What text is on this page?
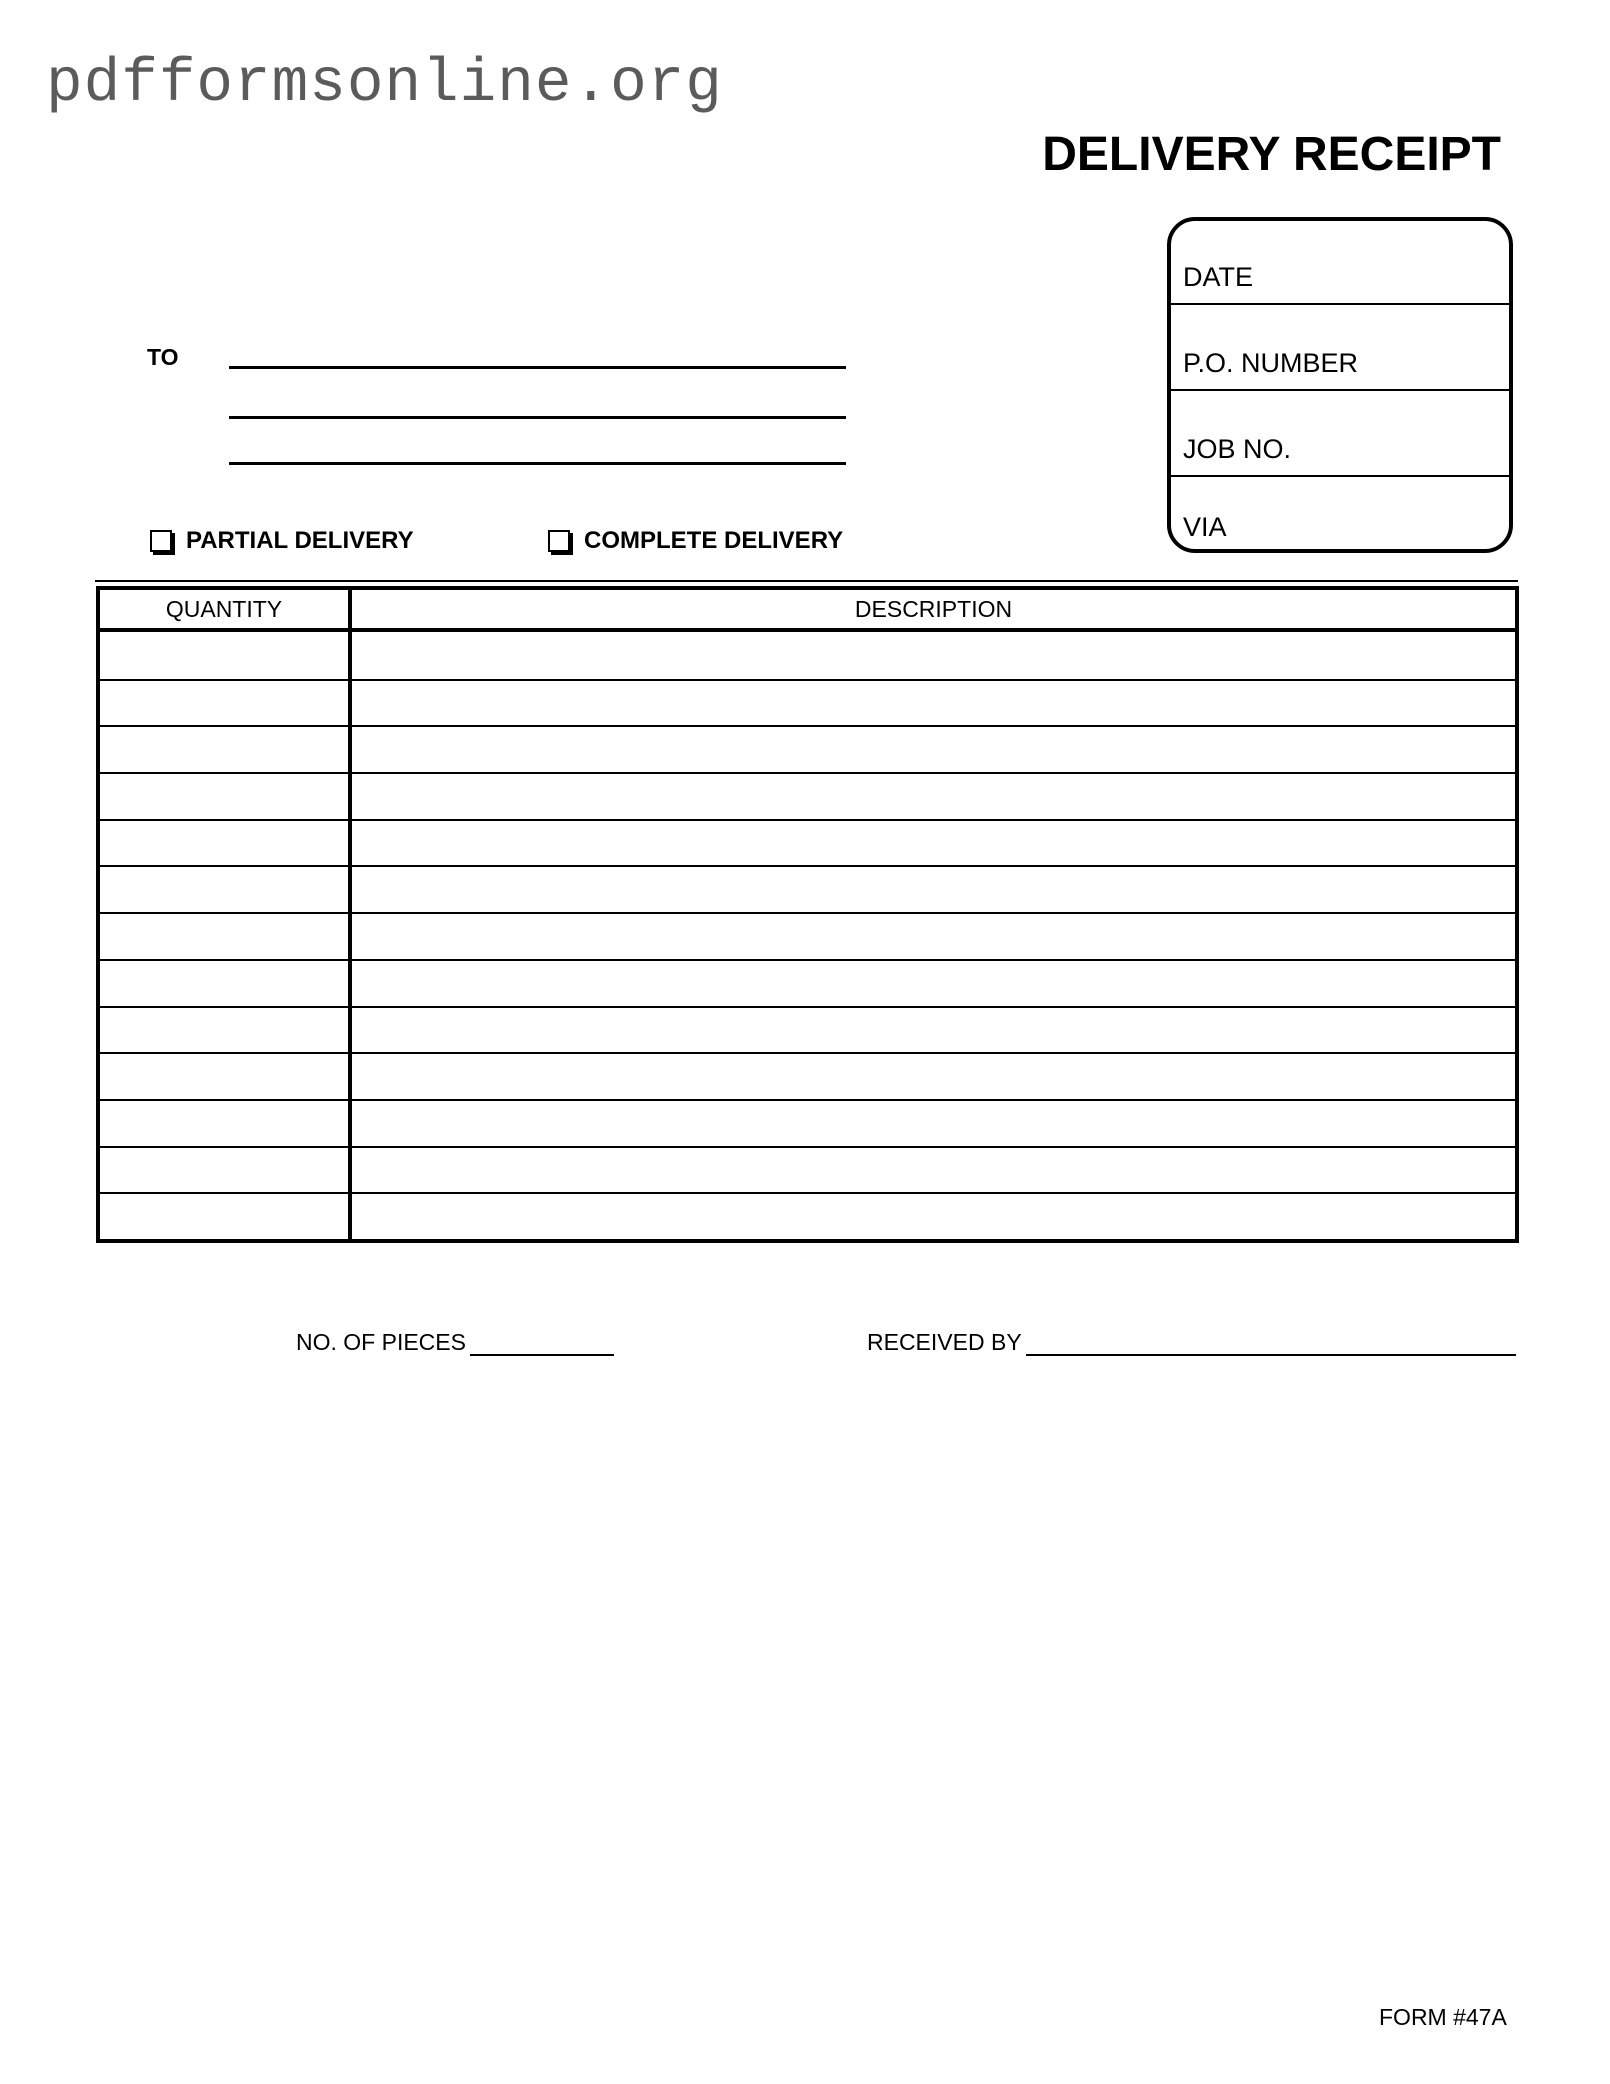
pdfformsonline.org
DELIVERY RECEIPT
DATE
P.O. NUMBER
JOB NO.
VIA
TO
PARTIAL DELIVERY	COMPLETE DELIVERY
QUANTITY	DESCRIPTION
NO. OF PIECES	RECEIVED BY
FORM #47A
